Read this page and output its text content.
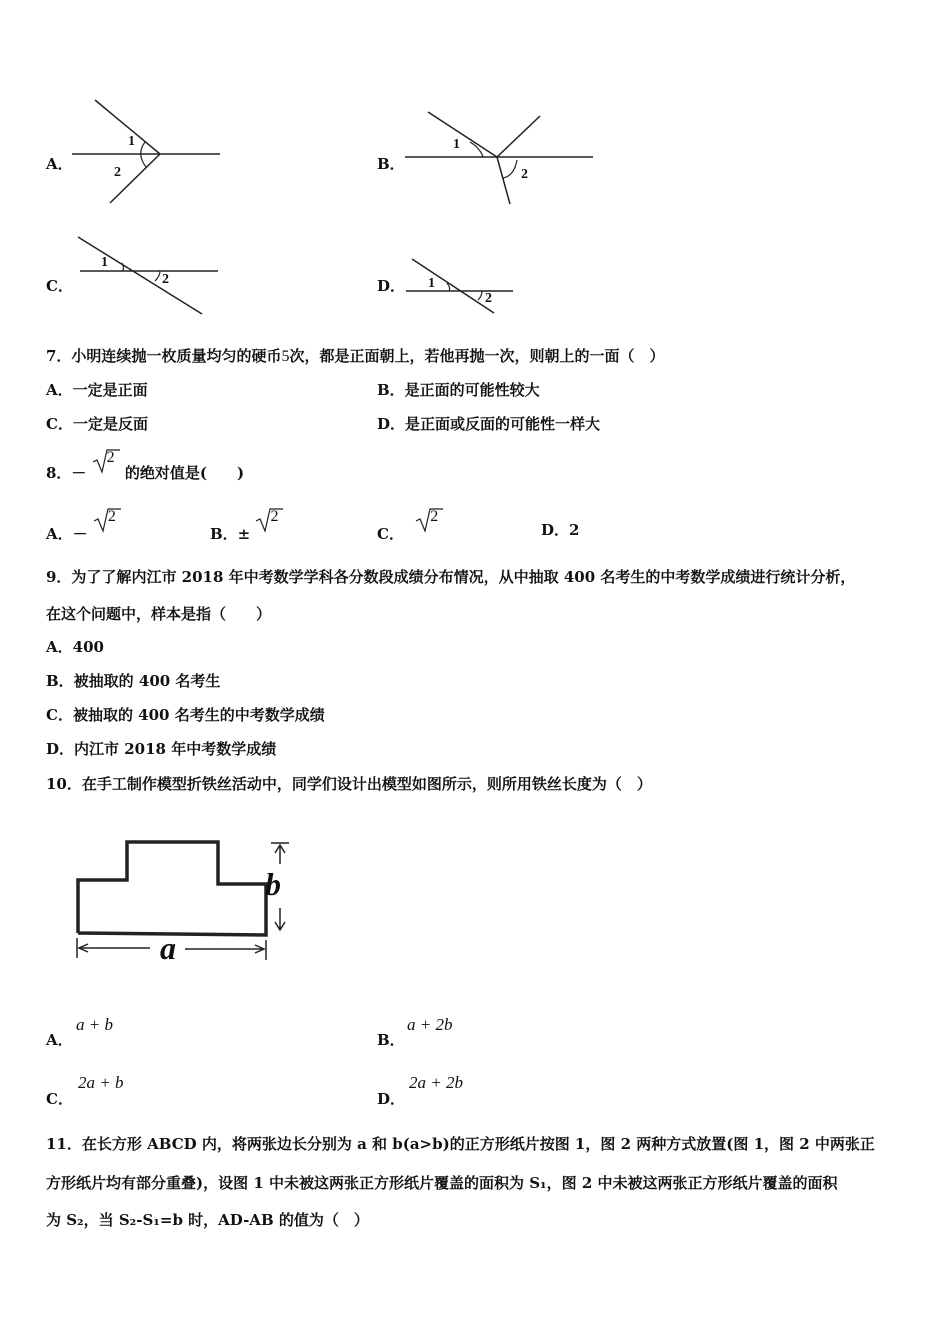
A．
1
2	B．
1
2
C．
1
2	D． 1
2
7．小明连续抛一枚质量均匀的硬币5次，都是正面朝上，若他再抛一次，则朝上的一面（　）
A．一定是正面	B．是正面的可能性较大
C．一定是反面	D．是正面或反面的可能性一样大
8．－
2
的绝对值是(　　)
A．－
2
B．±
2
C．
2
D．2
9．为了了解内江市 2018 年中考数学学科各分数段成绩分布情况，从中抽取 400 名考生的中考数学成绩进行统计分析，
在这个问题中，样本是指（　　）
A．400
B．被抽取的 400 名考生
C．被抽取的 400 名考生的中考数学成绩
D．内江市 2018 年中考数学成绩
10．在手工制作模型折铁丝活动中，同学们设计出模型如图所示，则所用铁丝长度为（　）
b
a
A．
a + b
B．
a + 2b
C．
2a + b
D．
2a + 2b
11．在长方形 ABCD 内，将两张边长分别为 a 和 b(a>b)的正方形纸片按图 1，图 2 两种方式放置(图 1，图 2 中两张正
方形纸片均有部分重叠)，设图 1 中未被这两张正方形纸片覆盖的面积为 S₁，图 2 中未被这两张正方形纸片覆盖的面积
为 S₂，当 S₂-S₁=b 时，AD-AB 的值为（　）
